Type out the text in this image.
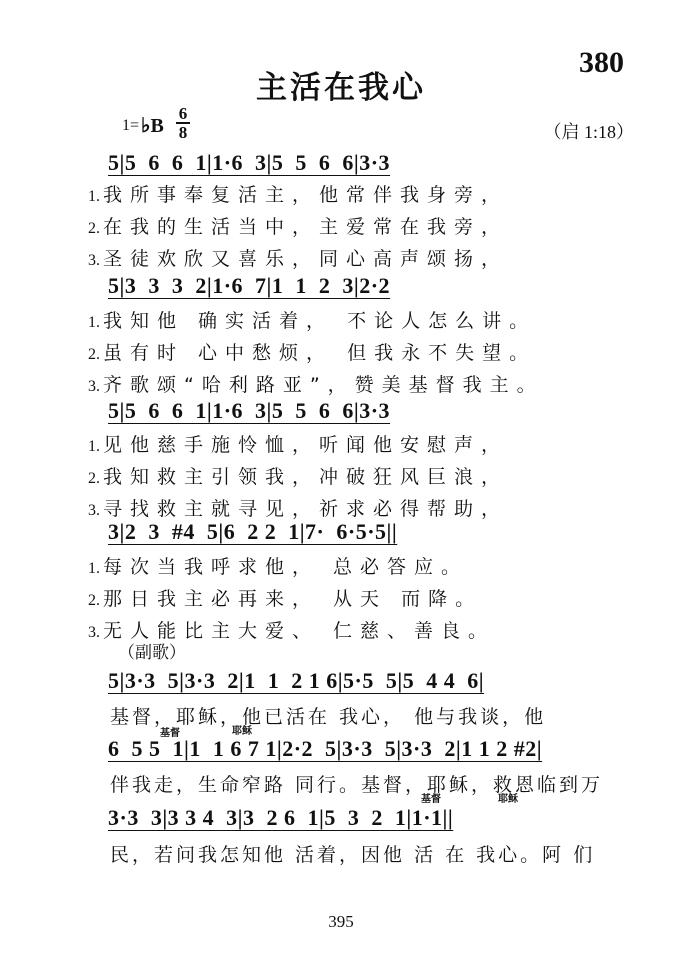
380
主活在我心
1= ♭B
6
8	（启 1:18）
5|5  6  6  1|1·6  3|5  5  6  6|3·3
1. 我所事奉复活主，他常伴我身旁，
2. 在我的生活当中，主爱常在我旁，
3. 圣徒欢欣又喜乐，同心高声颂扬，
5|3  3  3  2|1·6  7|1  1  2  3|2·2
1. 我知他 确实活着， 不论人怎么讲。
2. 虽有时 心中愁烦， 但我永不失望。
3. 齐歌颂“哈利路亚”，赞美基督我主。
5|5  6  6  1|1·6  3|5  5  6  6|3·3
1. 见他慈手施怜恤，听闻他安慰声，
2. 我知救主引领我，冲破狂风巨浪，
3. 寻找救主就寻见，祈求必得帮助，
3|2  3  #4  5|6  2 2  1|7·  6·5·5||
1. 每次当我呼求他， 总必答应。
2. 那日我主必再来， 从天 而降。
3. 无人能比主大爱、 仁慈、善良。
（副歌）
5|3·3  5|3·3  2|1  1  2 1 6|5·5  5|5  4 4  6|
基督，耶稣，他已活在 我心， 他与我谈，他
基督	耶稣
6  5 5  1|1  1 6 7 1|2·2  5|3·3  5|3·3  2|1 1 2 #2|
伴我走，生命窄路 同行。基督，耶稣，救恩临到万
基督	耶稣
3·3  3|3 3 4  3|3  2 6  1|5  3  2  1|1·1||
民，若问我怎知他 活着，因他 活 在 我心。阿 们
395
